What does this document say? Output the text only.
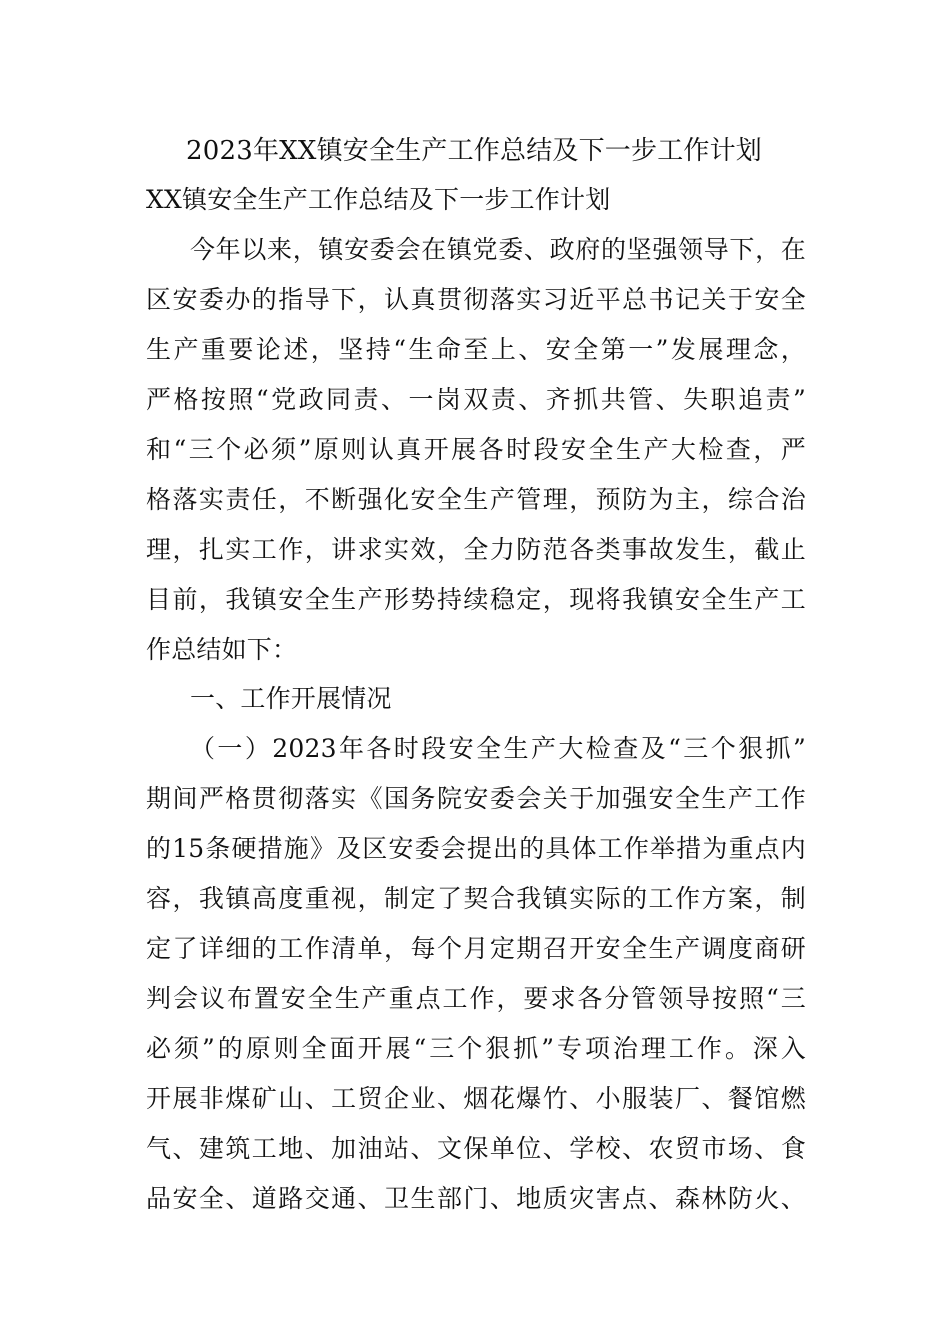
2023年XX镇安全生产工作总结及下一步工作计划
XX镇安全生产工作总结及下一步工作计划
今年以来，镇安委会在镇党委、政府的坚强领导下，在
区安委办的指导下，认真贯彻落实习近平总书记关于安全
生产重要论述，坚持“生命至上、安全第一”发展理念，
严格按照“党政同责、一岗双责、齐抓共管、失职追责”
和“三个必须”原则认真开展各时段安全生产大检查，严
格落实责任，不断强化安全生产管理，预防为主，综合治
理，扎实工作，讲求实效，全力防范各类事故发生，截止
目前，我镇安全生产形势持续稳定，现将我镇安全生产工
作总结如下：
一、工作开展情况
（一）2023年各时段安全生产大检查及“三个狠抓”
期间严格贯彻落实《国务院安委会关于加强安全生产工作
的15条硬措施》及区安委会提出的具体工作举措为重点内
容，我镇高度重视，制定了契合我镇实际的工作方案，制
定了详细的工作清单，每个月定期召开安全生产调度商研
判会议布置安全生产重点工作，要求各分管领导按照“三
必须”的原则全面开展“三个狠抓”专项治理工作。深入
开展非煤矿山、工贸企业、烟花爆竹、小服装厂、餐馆燃
气、建筑工地、加油站、文保单位、学校、农贸市场、食
品安全、道路交通、卫生部门、地质灾害点、森林防火、
